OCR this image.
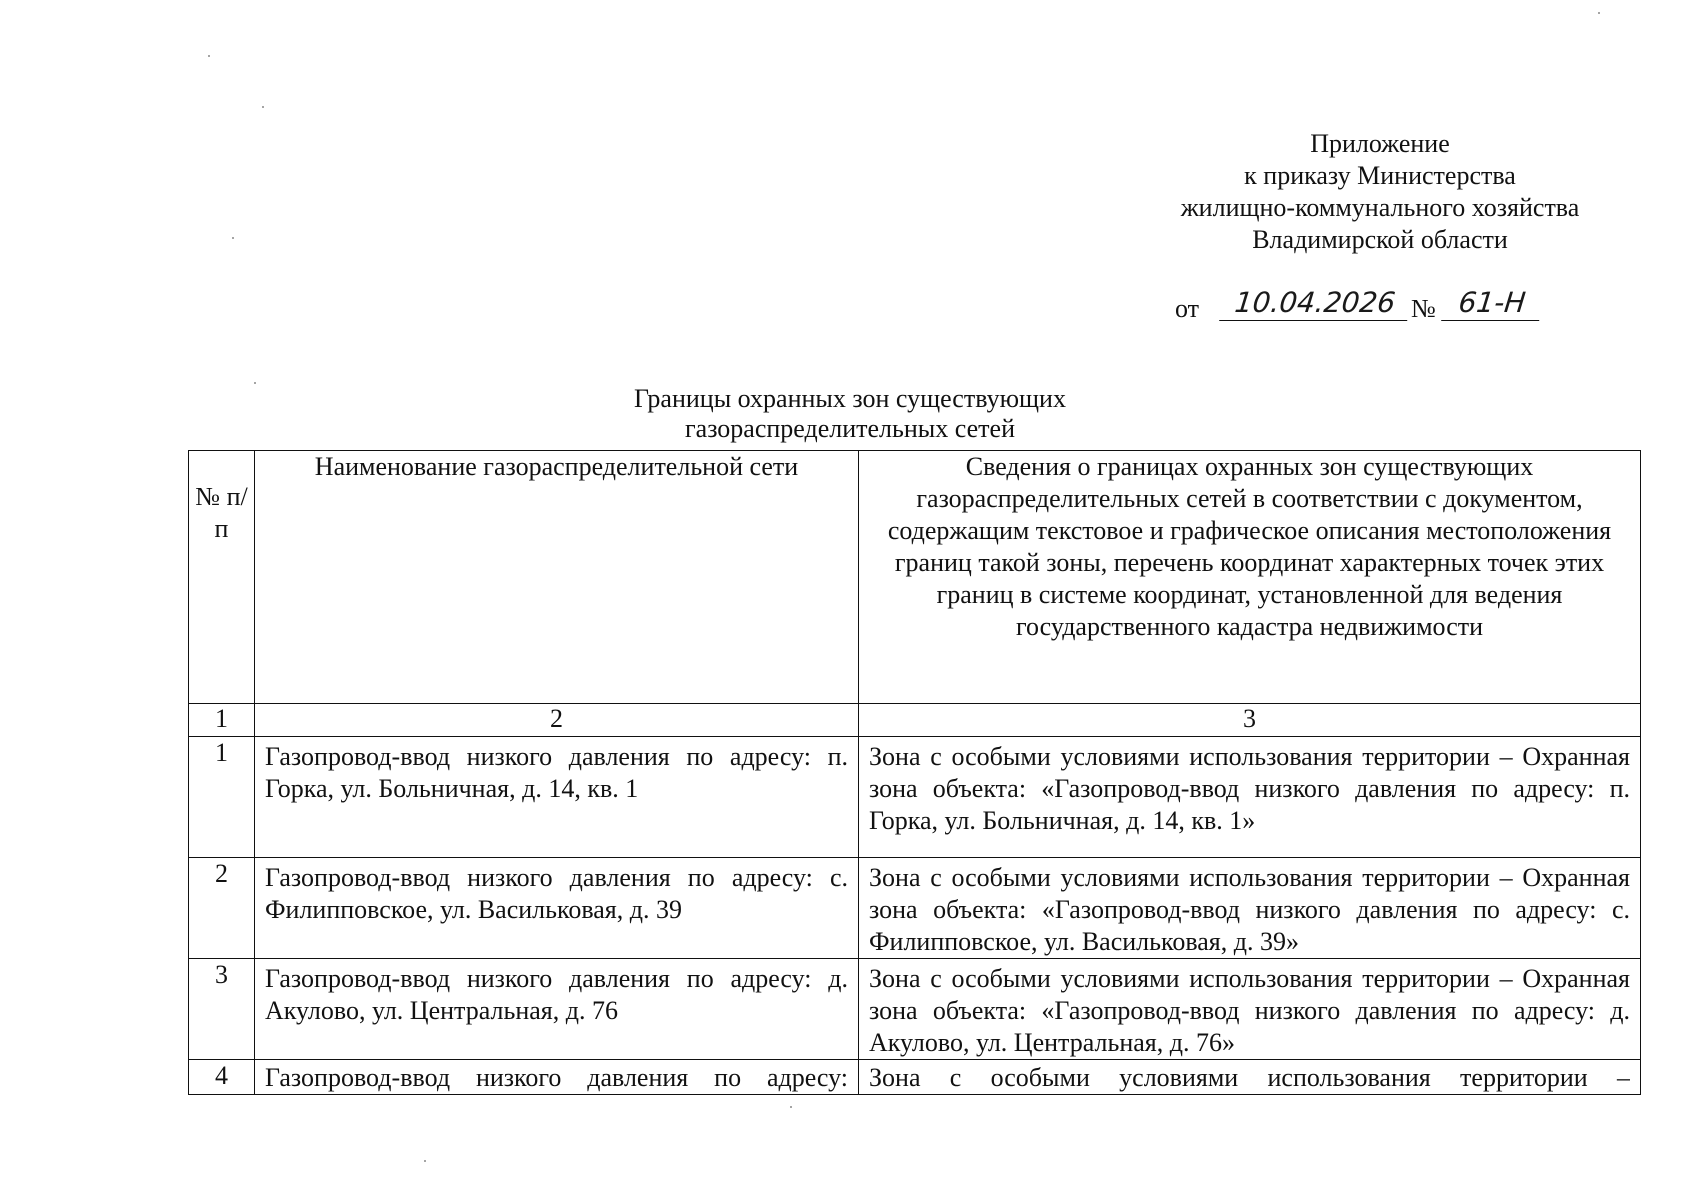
Приложение
к приказу Министерства
жилищно-коммунального хозяйства
Владимирской области
от	10.04.2026 № 61-Н
Границы охранных зон существующих
газораспределительных сетей
№ п/п	Наименование газораспределительной сети	Сведения о границах охранных зон существующих газораспределительных сетей в соответствии с документом, содержащим текстовое и графическое описания местоположения границ такой зоны, перечень координат характерных точек этих границ в системе координат, установленной для ведения государственного кадастра недвижимости
1	2	3
1	Газопровод-ввод низкого давления по адресу: п. Горка, ул. Больничная, д. 14, кв. 1	Зона с особыми условиями использования территории – Охранная зона объекта: «Газопровод-ввод низкого давления по адресу: п. Горка, ул. Больничная, д. 14, кв. 1»
2	Газопровод-ввод низкого давления по адресу: с. Филипповское, ул. Васильковая, д. 39	Зона с особыми условиями использования территории – Охранная зона объекта: «Газопровод-ввод низкого давления по адресу: с. Филипповское, ул. Васильковая, д. 39»
3	Газопровод-ввод низкого давления по адресу: д. Акулово, ул. Центральная, д. 76	Зона с особыми условиями использования территории – Охранная зона объекта: «Газопровод-ввод низкого давления по адресу: д. Акулово, ул. Центральная, д. 76»
4	Газопровод-ввод низкого давления по адресу:	Зона с особыми условиями использования территории –
